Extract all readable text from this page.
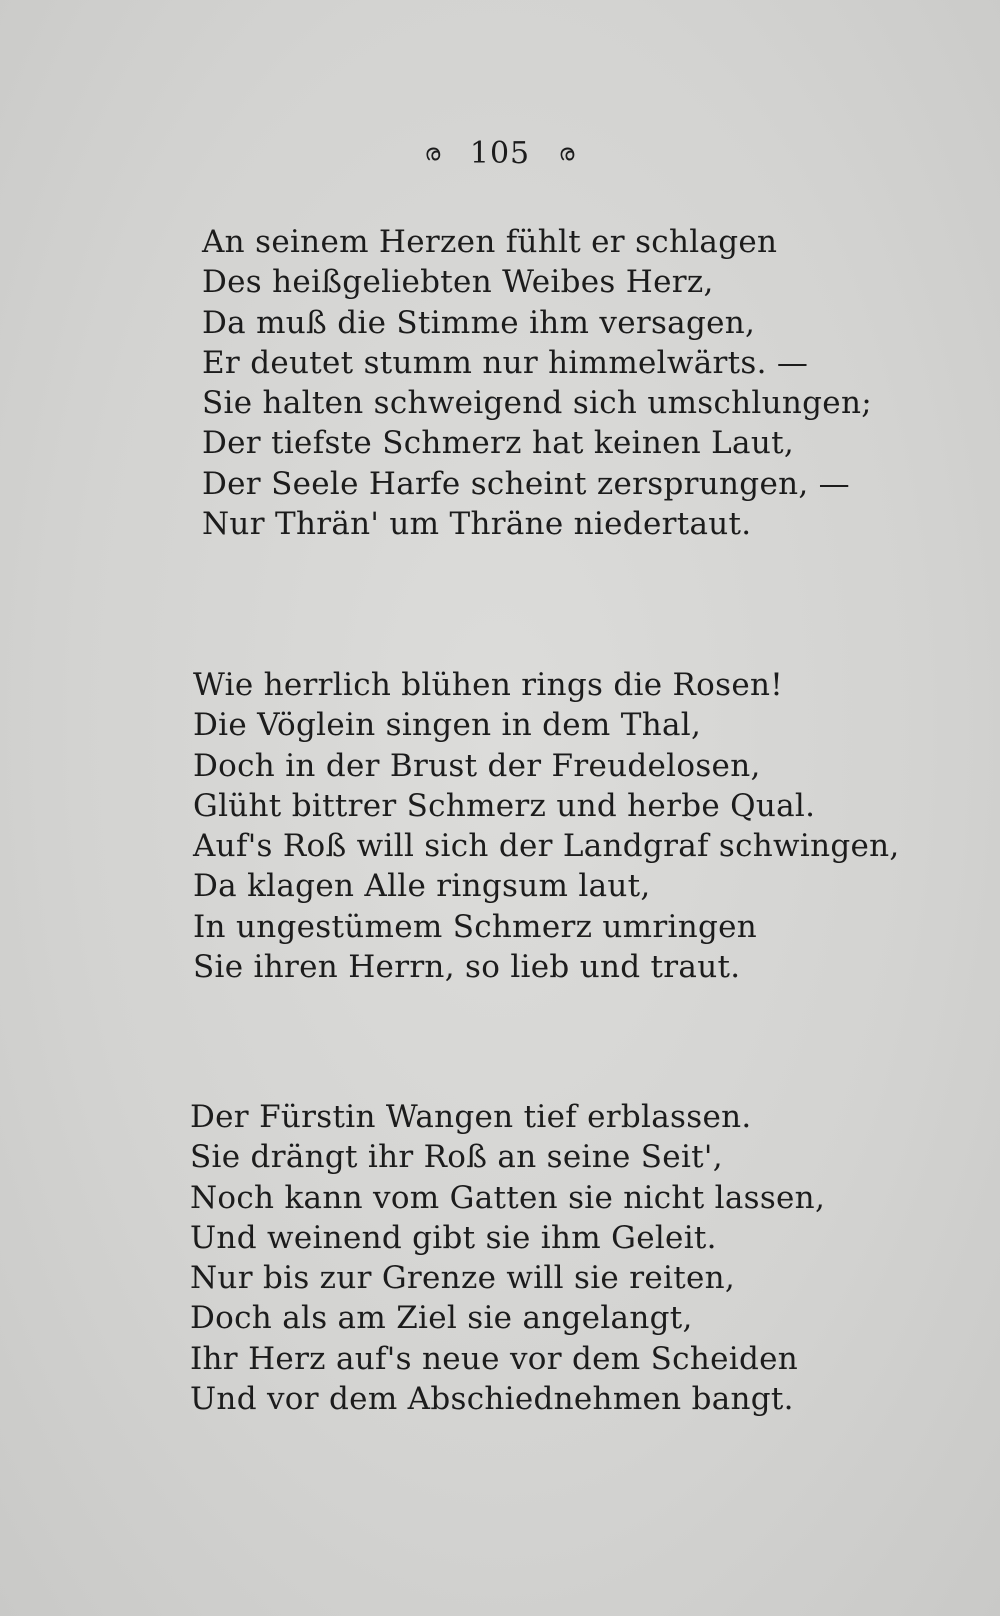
ര 105 ര
An seinem Herzen fühlt er schlagen
Des heißgeliebten Weibes Herz,
Da muß die Stimme ihm versagen,
Er deutet stumm nur himmelwärts. —
Sie halten schweigend sich umschlungen;
Der tiefste Schmerz hat keinen Laut,
Der Seele Harfe scheint zersprungen, —
Nur Thrän' um Thräne niedertaut.
Wie herrlich blühen rings die Rosen!
Die Vöglein singen in dem Thal,
Doch in der Brust der Freudelosen,
Glüht bittrer Schmerz und herbe Qual.
Auf's Roß will sich der Landgraf schwingen,
Da klagen Alle ringsum laut,
In ungestümem Schmerz umringen
Sie ihren Herrn, so lieb und traut.
Der Fürstin Wangen tief erblassen.
Sie drängt ihr Roß an seine Seit',
Noch kann vom Gatten sie nicht lassen,
Und weinend gibt sie ihm Geleit.
Nur bis zur Grenze will sie reiten,
Doch als am Ziel sie angelangt,
Ihr Herz auf's neue vor dem Scheiden
Und vor dem Abschiednehmen bangt.
